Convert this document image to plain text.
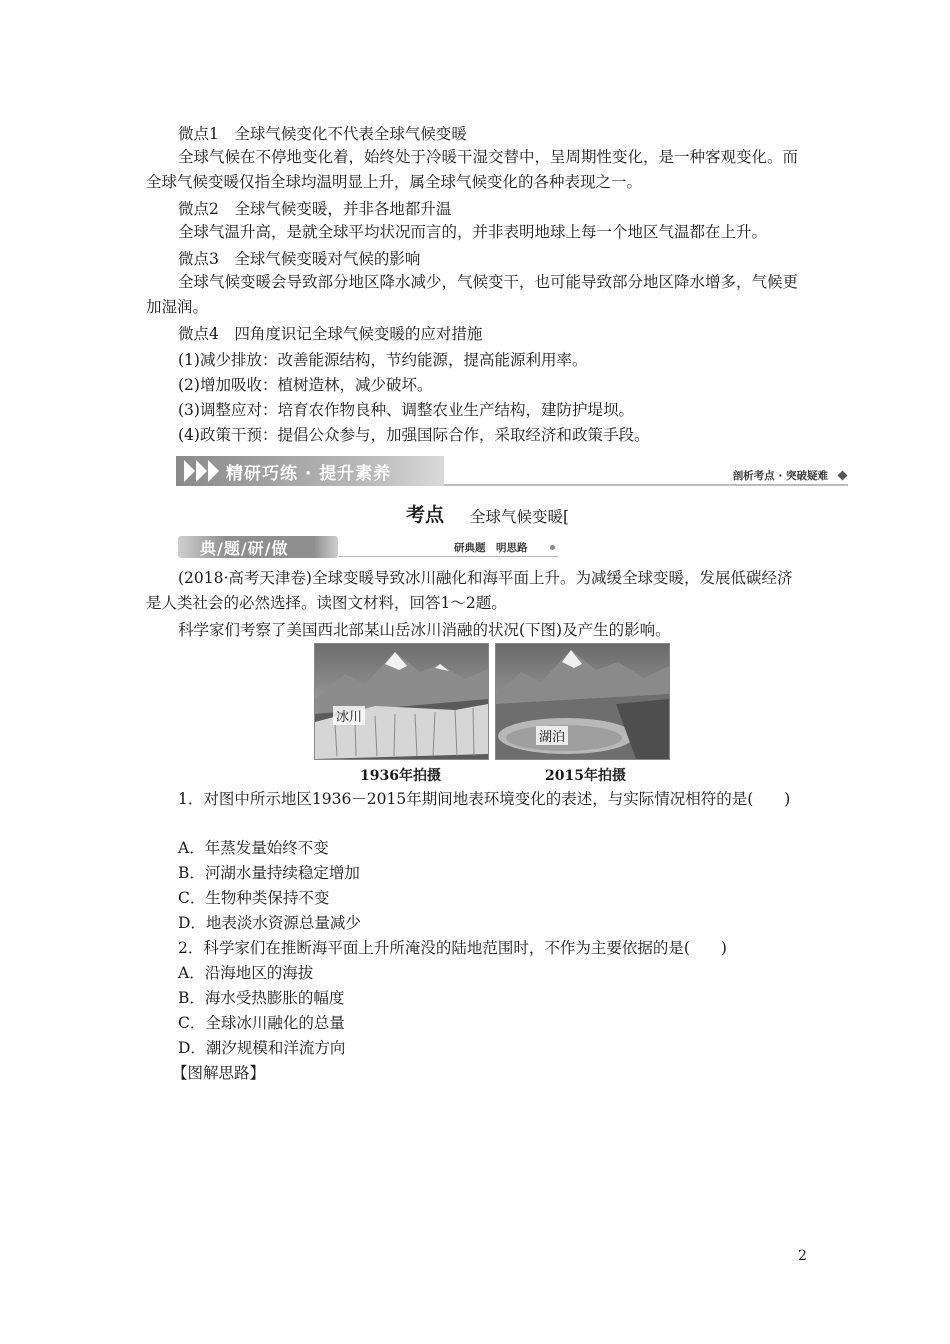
微点1　全球气候变化不代表全球气候变暖
全球气候在不停地变化着，始终处于冷暖干湿交替中，呈周期性变化，是一种客观变化。而全球气候变暖仅指全球均温明显上升，属全球气候变化的各种表现之一。
微点2　全球气候变暖，并非各地都升温
全球气温升高，是就全球平均状况而言的，并非表明地球上每一个地区气温都在上升。
微点3　全球气候变暖对气候的影响
全球气候变暖会导致部分地区降水减少，气候变干，也可能导致部分地区降水增多，气候更加湿润。
微点4　四角度识记全球气候变暖的应对措施
(1)减少排放：改善能源结构，节约能源，提高能源利用率。
(2)增加吸收：植树造林，减少破坏。
(3)调整应对：培育农作物良种、调整农业生产结构，建防护堤坝。
(4)政策干预：提倡公众参与，加强国际合作，采取经济和政策手段。
精研巧练 · 提升素养	剖析考点 · 突破疑难
考点 全球气候变暖[
典/题/研/做	研典题　明思路
(2018·高考天津卷)全球变暖导致冰川融化和海平面上升。为减缓全球变暖，发展低碳经济是人类社会的必然选择。读图文材料，回答1～2题。
科学家们考察了美国西北部某山岳冰川消融的状况(下图)及产生的影响。
冰川
湖泊
1936年拍摄	2015年拍摄
1．对图中所示地区1936－2015年期间地表环境变化的表述，与实际情况相符的是(　　)
A．年蒸发量始终不变
B．河湖水量持续稳定增加
C．生物种类保持不变
D．地表淡水资源总量减少
2．科学家们在推断海平面上升所淹没的陆地范围时，不作为主要依据的是(　　)
A．沿海地区的海拔
B．海水受热膨胀的幅度
C．全球冰川融化的总量
D．潮汐规模和洋流方向
【图解思路】
2
